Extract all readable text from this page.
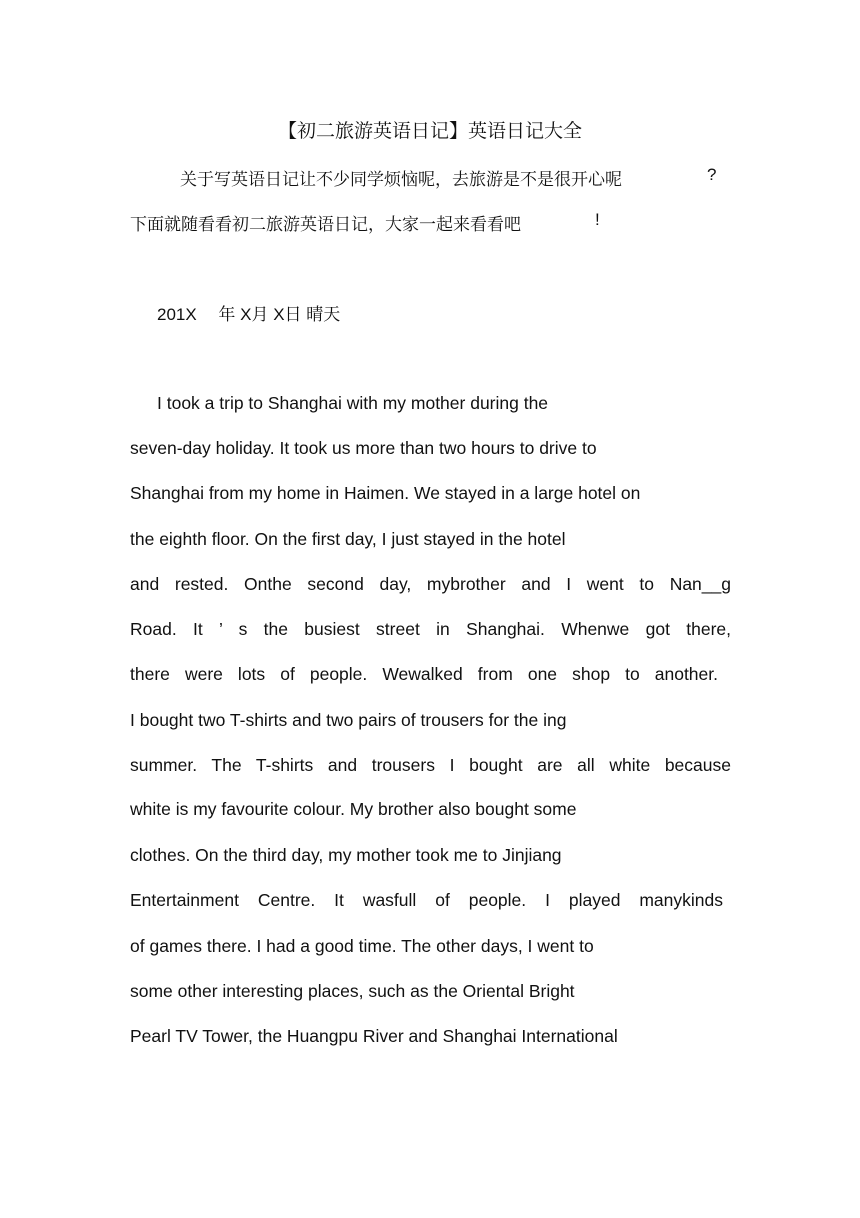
【初二旅游英语日记】英语日记大全
关于写英语日记让不少同学烦恼呢，去旅游是不是很开心呢	?
下面就随看看初二旅游英语日记，大家一起来看看吧	!
201X　 年 X月 X日 晴天
I took a trip to Shanghai with my mother during the
seven-day holiday. It took us more than two hours to drive to
Shanghai from my home in Haimen. We stayed in a large hotel on
the eighth floor. On the first day, I just stayed in the hotel
and rested. Onthe second day, mybrother and I went to Nan__g
Road. It ’ s the busiest street in Shanghai. Whenwe got there,
there were lots of people. Wewalked from one shop to another.
I bought two T-shirts and two pairs of trousers for the ing
summer. The T-shirts and trousers I bought are all white because
white is my favourite colour. My brother also bought some
clothes. On the third day, my mother took me to Jinjiang
Entertainment Centre. It wasfull of people. I played manykinds
of games there. I had a good time. The other days, I went to
some other interesting places, such as the Oriental Bright
Pearl TV Tower, the Huangpu River and Shanghai International
